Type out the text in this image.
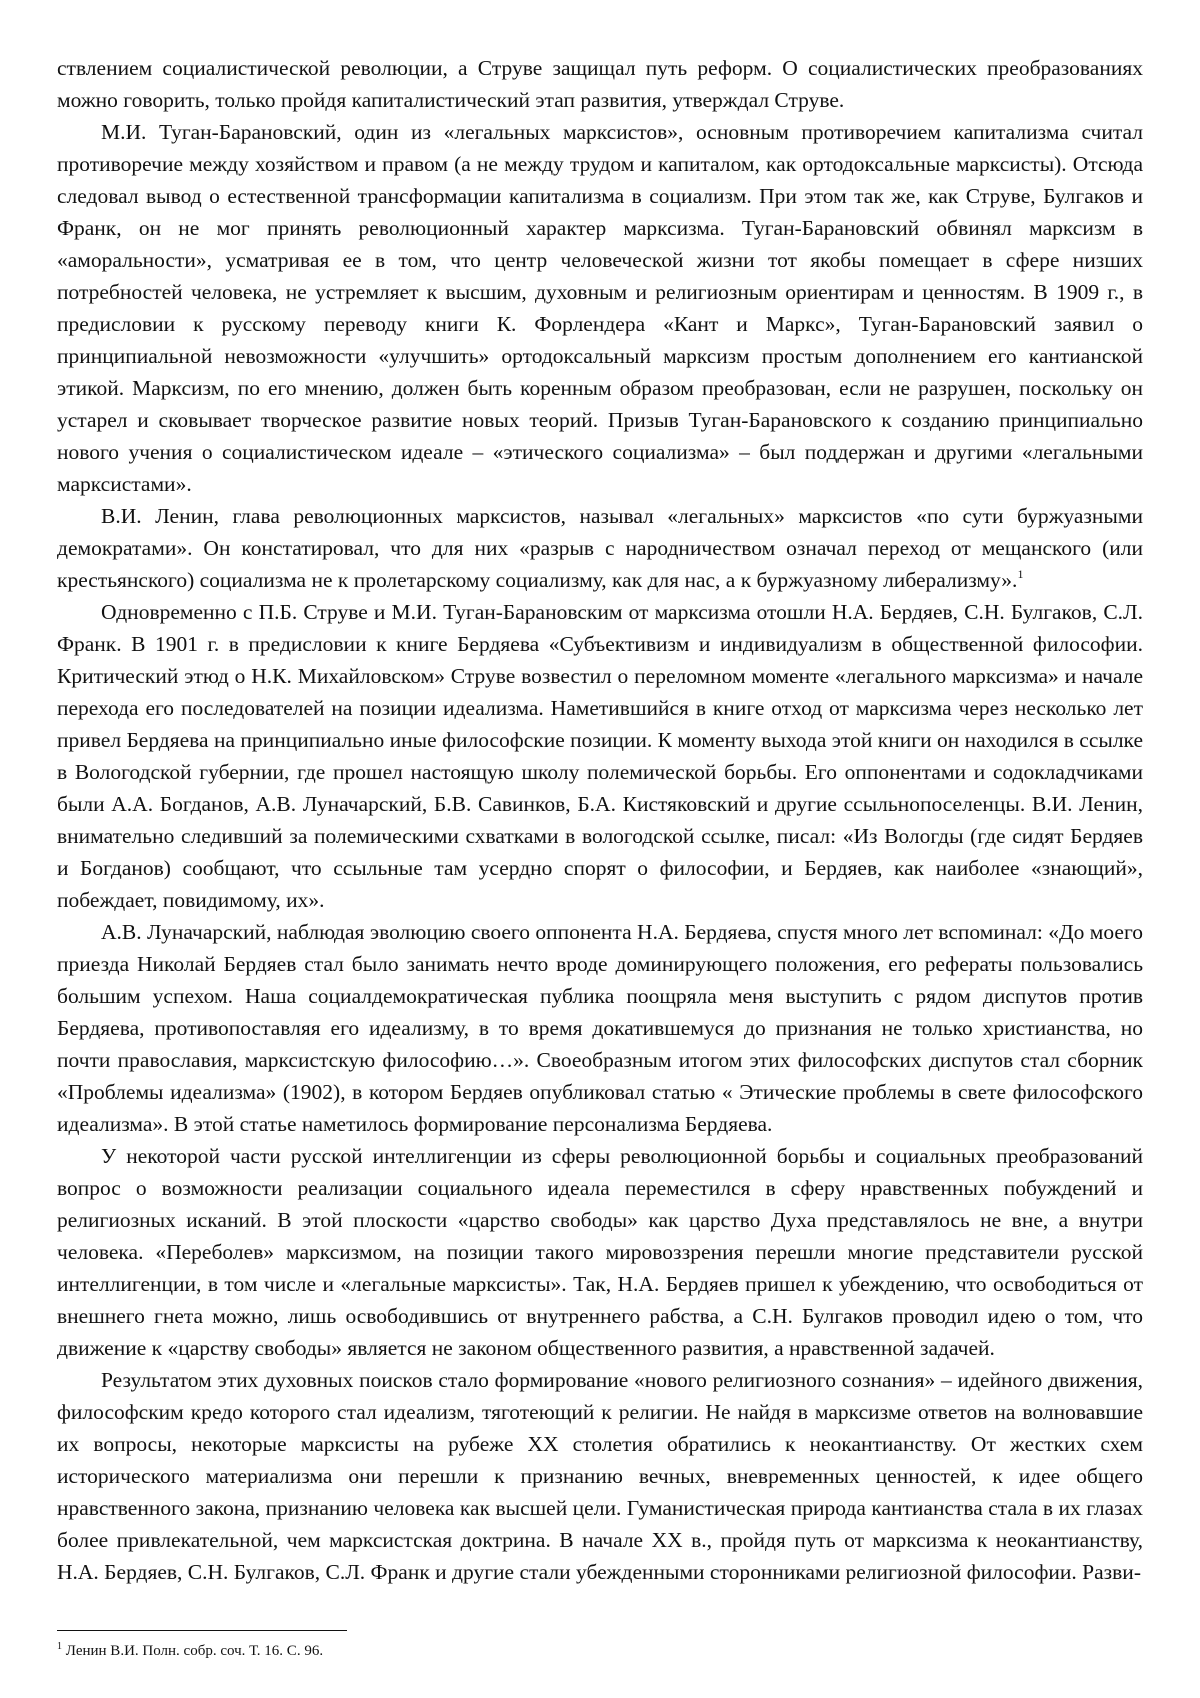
ствлением социалистической революции, а Струве защищал путь реформ. О социалистических преобразованиях можно говорить, только пройдя капиталистический этап развития, утверждал Струве.

М.И. Туган-Барановский, один из «легальных марксистов», основным противоречием капитализма считал противоречие между хозяйством и правом (а не между трудом и капиталом, как ортодоксальные марксисты). Отсюда следовал вывод о естественной трансформации капитализма в социализм. При этом так же, как Струве, Булгаков и Франк, он не мог принять революционный характер марксизма. Туган-Барановский обвинял марксизм в «аморальности», усматривая ее в том, что центр человеческой жизни тот якобы помещает в сфере низших потребностей человека, не устремляет к высшим, духовным и религиозным ориентирам и ценностям. В 1909 г., в предисловии к русскому переводу книги К. Форлендера «Кант и Маркс», Туган-Барановский заявил о принципиальной невозможности «улучшить» ортодоксальный марксизм простым дополнением его кантианской этикой. Марксизм, по его мнению, должен быть коренным образом преобразован, если не разрушен, поскольку он устарел и сковывает творческое развитие новых теорий. Призыв Туган-Барановского к созданию принципиально нового учения о социалистическом идеале – «этического социализма» – был поддержан и другими «легальными марксистами».

В.И. Ленин, глава революционных марксистов, называл «легальных» марксистов «по сути буржуазными демократами». Он констатировал, что для них «разрыв с народничеством означал переход от мещанского (или крестьянского) социализма не к пролетарскому социализму, как для нас, а к буржуазному либерализму».$^1$

Одновременно с П.Б. Струве и М.И. Туган-Барановским от марксизма отошли Н.А. Бердяев, С.Н. Булгаков, С.Л. Франк. В 1901 г. в предисловии к книге Бердяева «Субъективизм и индивидуализм в общественной философии. Критический этюд о Н.К. Михайловском» Струве возвестил о переломном моменте «легального марксизма» и начале перехода его последователей на позиции идеализма. Наметившийся в книге отход от марксизма через несколько лет привел Бердяева на принципиально иные философские позиции. К моменту выхода этой книги он находился в ссылке в Вологодской губернии, где прошел настоящую школу полемической борьбы. Его оппонентами и содокладчиками были А.А. Богданов, А.В. Луначарский, Б.В. Савинков, Б.А. Кистяковский и другие ссыльнопоселенцы. В.И. Ленин, внимательно следивший за полемическими схватками в вологодской ссылке, писал: «Из Вологды (где сидят Бердяев и Богданов) сообщают, что ссыльные там усердно спорят о философии, и Бердяев, как наиболее «знающий», побеждает, повидимому, их».

А.В. Луначарский, наблюдая эволюцию своего оппонента Н.А. Бердяева, спустя много лет вспоминал: «До моего приезда Николай Бердяев стал было занимать нечто вроде доминирующего положения, его рефераты пользовались большим успехом. Наша социалдемократическая публика поощряла меня выступить с рядом диспутов против Бердяева, противопоставляя его идеализму, в то время докатившемуся до признания не только христианства, но почти православия, марксистскую философию…». Своеобразным итогом этих философских диспутов стал сборник «Проблемы идеализма» (1902), в котором Бердяев опубликовал статью « Этические проблемы в свете философского идеализма». В этой статье наметилось формирование персонализма Бердяева.

У некоторой части русской интеллигенции из сферы революционной борьбы и социальных преобразований вопрос о возможности реализации социального идеала переместился в сферу нравственных побуждений и религиозных исканий. В этой плоскости «царство свободы» как царство Духа представлялось не вне, а внутри человека. «Переболев» марксизмом, на позиции такого мировоззрения перешли многие представители русской интеллигенции, в том числе и «легальные марксисты». Так, Н.А. Бердяев пришел к убеждению, что освободиться от внешнего гнета можно, лишь освободившись от внутреннего рабства, а С.Н. Булгаков проводил идею о том, что движение к «царству свободы» является не законом общественного развития, а нравственной задачей.

Результатом этих духовных поисков стало формирование «нового религиозного сознания» – идейного движения, философским кредо которого стал идеализм, тяготеющий к религии. Не найдя в марксизме ответов на волновавшие их вопросы, некоторые марксисты на рубеже XX столетия обратились к неокантианству. От жестких схем исторического материализма они перешли к признанию вечных, вневременных ценностей, к идее общего нравственного закона, признанию человека как высшей цели. Гуманистическая природа кантианства стала в их глазах более привлекательной, чем марксистская доктрина. В начале XX в., пройдя путь от марксизма к неокантианству, Н.А. Бердяев, С.Н. Булгаков, С.Л. Франк и другие стали убежденными сторонниками религиозной философии. Разви-

$^1$ Ленин В.И. Полн. собр. соч. Т. 16. С. 96.
